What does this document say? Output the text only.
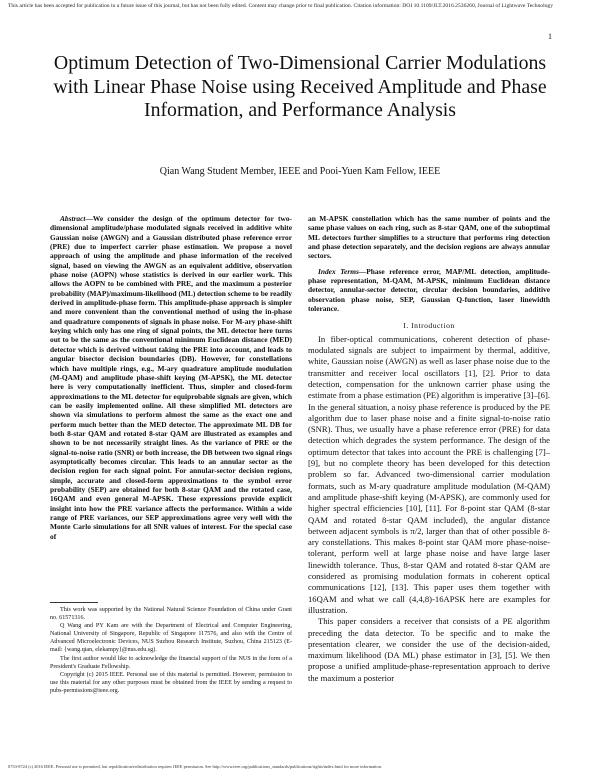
This article has been accepted for publication in a future issue of this journal, but has not been fully edited. Content may change prior to final publication. Citation information: DOI 10.1109/JLT.2016.2536260, Journal of Lightwave Technology
1
Optimum Detection of Two-Dimensional Carrier Modulations with Linear Phase Noise using Received Amplitude and Phase Information, and Performance Analysis
Qian Wang Student Member, IEEE and Pooi-Yuen Kam Fellow, IEEE

Abstract—We consider the design of the optimum detector for two-dimensional amplitude/phase modulated signals received in additive white Gaussian noise (AWGN) and a Gaussian distributed phase reference error (PRE) due to imperfect carrier phase estimation. We propose a novel approach of using the amplitude and phase information of the received signal, based on viewing the AWGN as an equivalent additive, observation phase noise (AOPN) whose statistics is derived in our earlier work. This allows the AOPN to be combined with PRE, and the maximum a posterior probability (MAP)/maximum-likelihood (ML) detection scheme to be readily derived in amplitude-phase form. This amplitude-phase approach is simpler and more convenient than the conventional method of using the in-phase and quadrature components of signals in phase noise. For M-ary phase-shift keying which only has one ring of signal points, the ML detector here turns out to be the same as the conventional minimum Euclidean distance (MED) detector which is derived without taking the PRE into account, and leads to angular bisector decision boundaries (DB). However, for constellations which have multiple rings, e.g., M-ary quadrature amplitude modulation (M-QAM) and amplitude phase-shift keying (M-APSK), the ML detector here is very computationally inefficient. Thus, simpler and closed-form approximations to the ML detector for equiprobable signals are given, which can be easily implemented online. All these simplified ML detectors are shown via simulations to perform almost the same as the exact one and perform much better than the MED detector. The approximate ML DB for both 8-star QAM and rotated 8-star QAM are illustrated as examples and shown to be not necessarily straight lines. As the variance of PRE or the signal-to-noise ratio (SNR) or both increase, the DB between two signal rings asymptotically becomes circular. This leads to an annular sector as the decision region for each signal point. For annular-sector decision regions, simple, accurate and closed-form approximations to the symbol error probability (SEP) are obtained for both 8-star QAM and the rotated case, 16QAM and even general M-APSK. These expressions provide explicit insight into how the PRE variance affects the performance. Within a wide range of PRE variances, our SEP approximations agree very well with the Monte Carlo simulations for all SNR values of interest. For the special case of

an M-APSK constellation which has the same number of points and the same phase values on each ring, such as 8-star QAM, one of the suboptimal ML detectors further simplifies to a structure that performs ring detection and phase detection separately, and the decision regions are always annular sectors.

Index Terms—Phase reference error, MAP/ML detection, amplitude-phase representation, M-QAM, M-APSK, minimum Euclidean distance detector, annular-sector detector, circular decision boundaries, additive observation phase noise, SEP, Gaussian Q-function, laser linewidth tolerance.

I. Introduction

In fiber-optical communications, coherent detection of phase-modulated signals are subject to impairment by thermal, additive, white, Gaussian noise (AWGN) as well as laser phase noise due to the transmitter and receiver local oscillators [1], [2]. Prior to data detection, compensation for the unknown carrier phase using the estimate from a phase estimation (PE) algorithm is imperative [3]–[6]. In the general situation, a noisy phase reference is produced by the PE algorithm due to laser phase noise and a finite signal-to-noise ratio (SNR). Thus, we usually have a phase reference error (PRE) for data detection which degrades the system performance. The design of the optimum detector that takes into account the PRE is challenging [7]–[9], but no complete theory has been developed for this detection problem so far. Advanced two-dimensional carrier modulation formats, such as M-ary quadrature amplitude modulation (M-QAM) and amplitude phase-shift keying (M-APSK), are commonly used for higher spectral efficiencies [10], [11]. For 8-point star QAM (8-star QAM and rotated 8-star QAM included), the angular distance between adjacent symbols is π/2, larger than that of other possible 8-ary constellations. This makes 8-point star QAM more phase-noise-tolerant, perform well at large phase noise and have large laser linewidth tolerance. Thus, 8-star QAM and rotated 8-star QAM are considered as promising modulation formats in coherent optical communications [12], [13]. This paper uses them together with 16QAM and what we call (4,4,8)-16APSK here are examples for illustration.

This paper considers a receiver that consists of a PE algorithm preceding the data detector. To be specific and to make the presentation clearer, we consider the use of the decision-aided, maximum likelihood (DA ML) phase estimator in [3], [5]. We then propose a unified amplitude-phase-representation approach to derive the maximum a posterior

This work was supported by the National Natural Science Foundation of China under Grant no. 61571316.

Q Wang and PY Kam are with the Department of Electrical and Computer Engineering, National University of Singapore, Republic of Singapore 117576, and also with the Centre of Advanced Microelectronic Devices, NUS Suzhou Research Institute, Suzhou, China 215123 (E-mail: {wang.qian, elekampy}@nus.edu.sg).

The first author would like to acknowledge the financial support of the NUS in the form of a President's Graduate Fellowship.

Copyright (c) 2015 IEEE. Personal use of this material is permitted. However, permission to use this material for any other purposes must be obtained from the IEEE by sending a request to pubs-permissions@ieee.org.

0733-8724 (c) 2016 IEEE. Personal use is permitted, but republication/redistribution requires IEEE permission. See http://www.ieee.org/publications_standards/publications/rights/index.html for more information.
